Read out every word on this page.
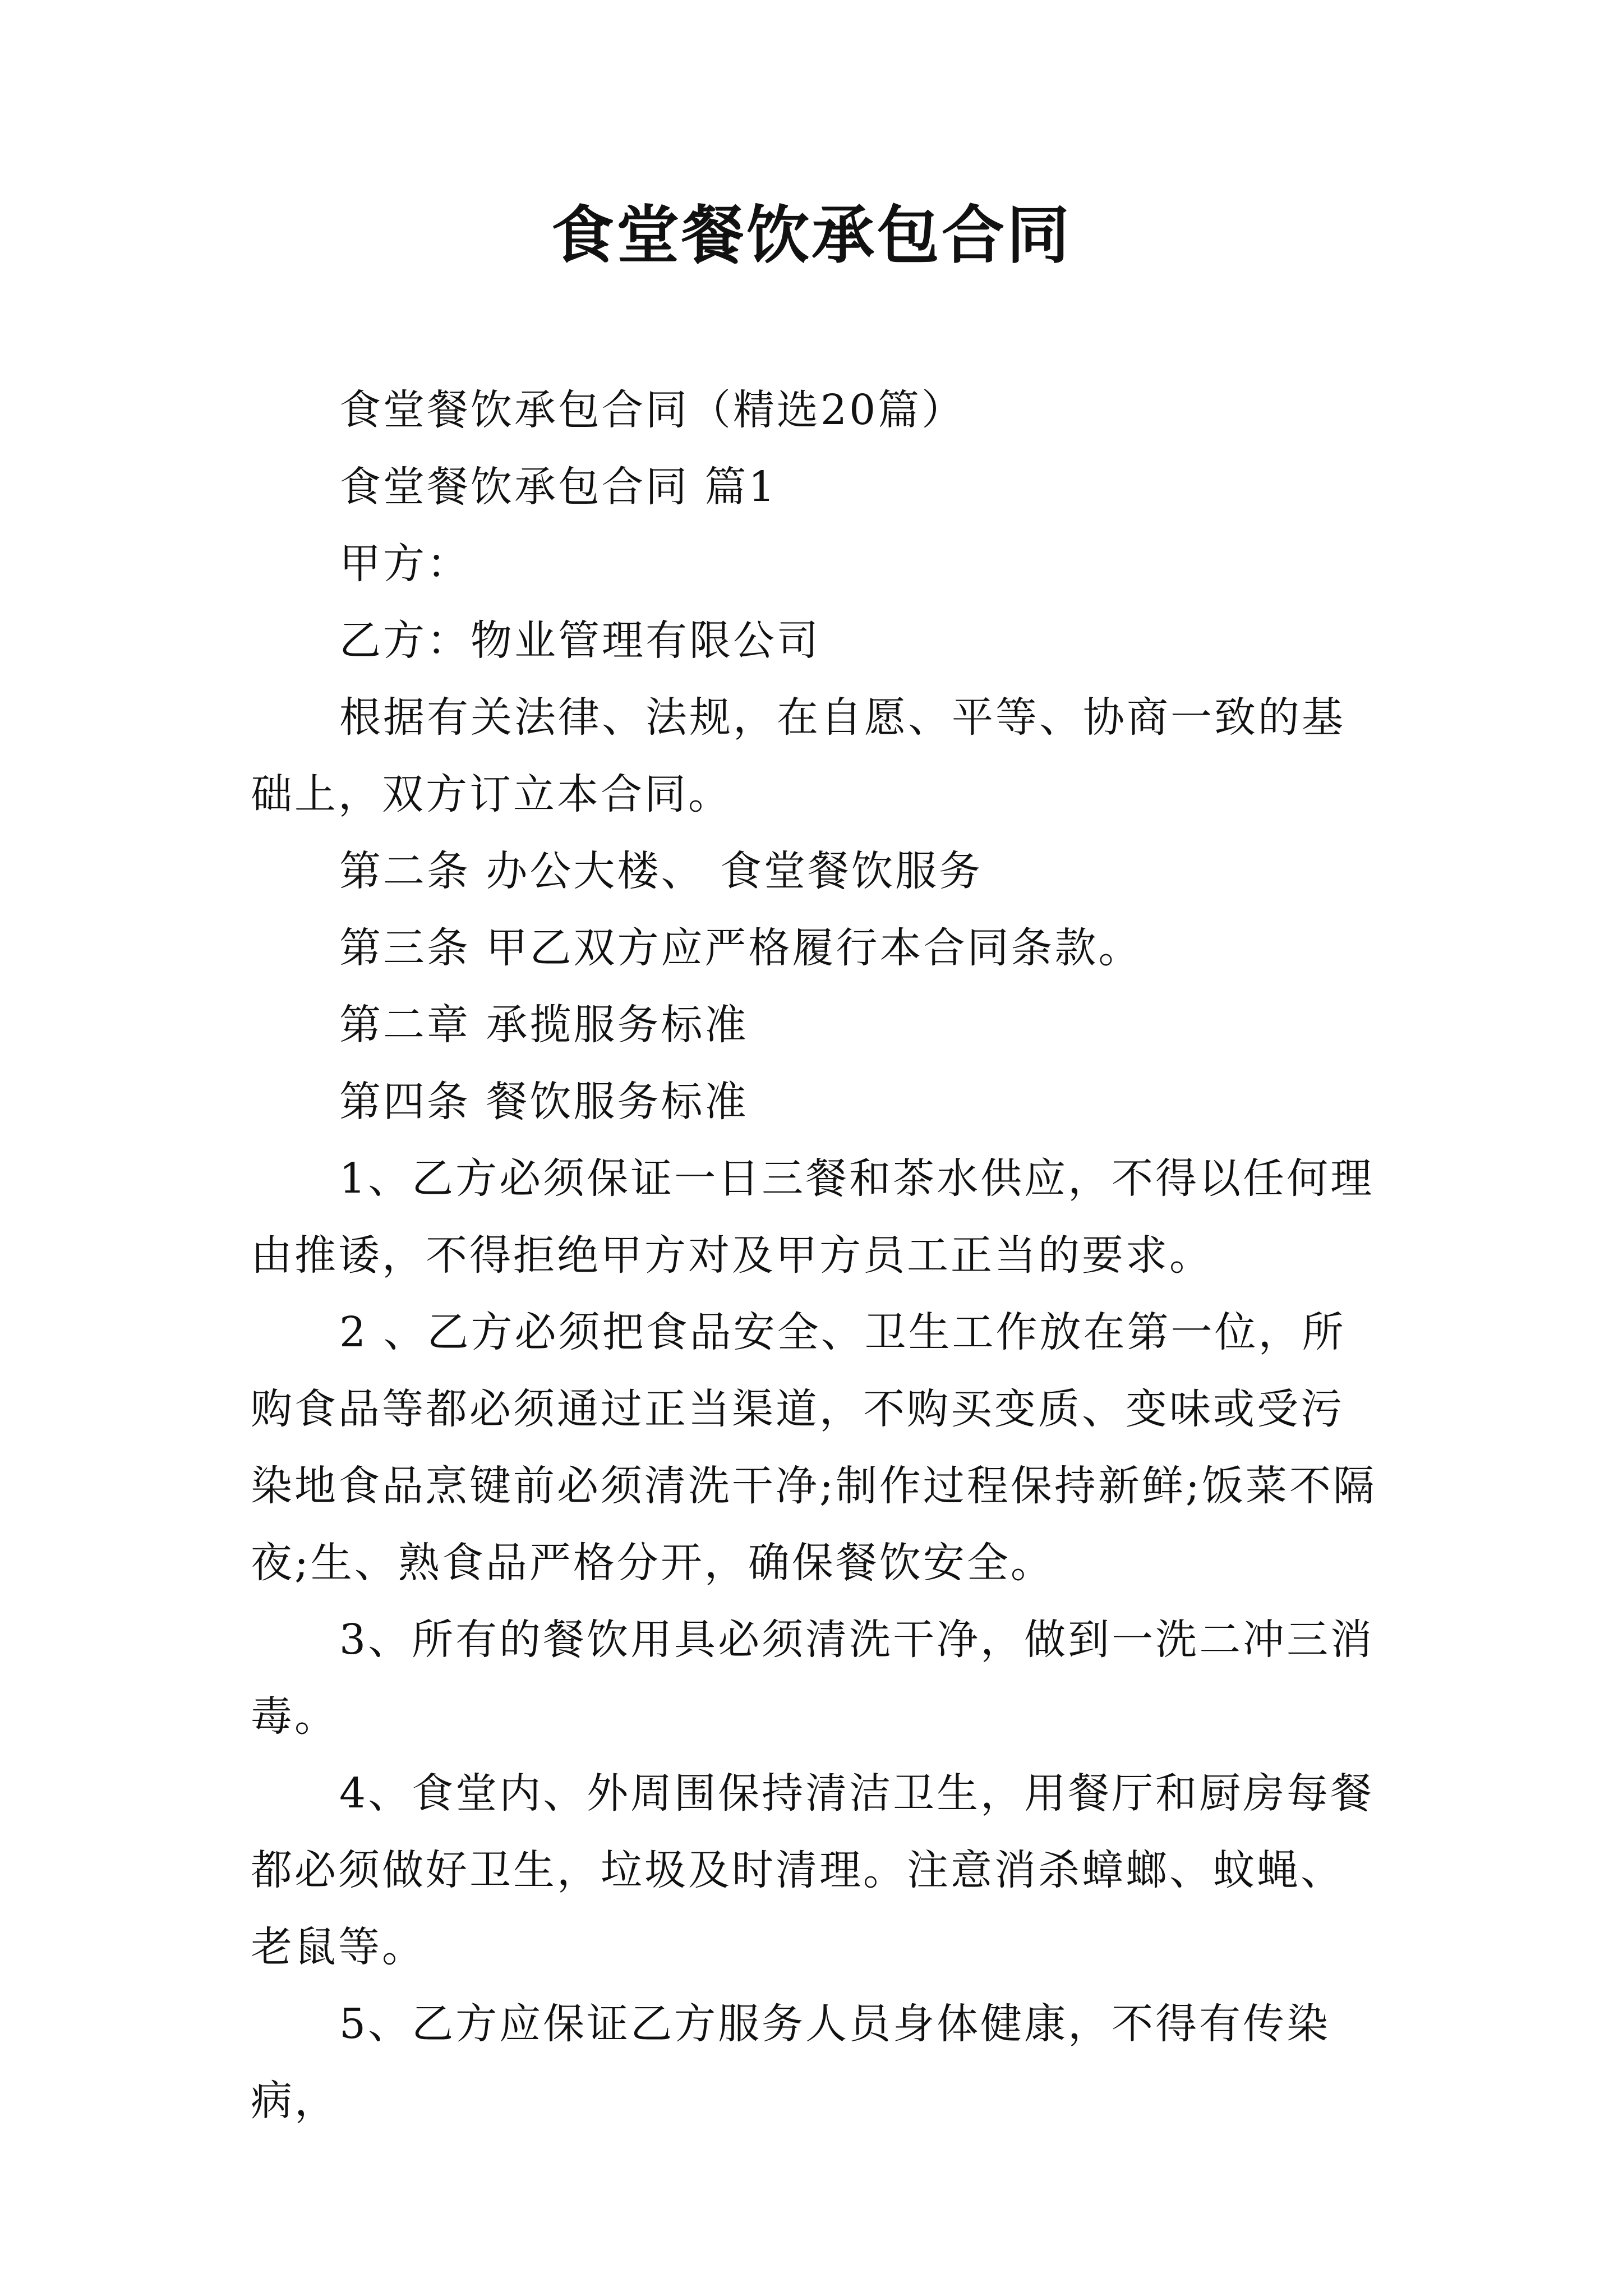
食堂餐饮承包合同

食堂餐饮承包合同（精选20篇）

食堂餐饮承包合同 篇1

甲方：

乙方：物业管理有限公司

根据有关法律、法规，在自愿、平等、协商一致的基础上，双方订立本合同。

第二条 办公大楼、 食堂餐饮服务

第三条 甲乙双方应严格履行本合同条款。

第二章 承揽服务标准

第四条 餐饮服务标准

1、乙方必须保证一日三餐和茶水供应，不得以任何理由推诿，不得拒绝甲方对及甲方员工正当的要求。

2 、乙方必须把食品安全、卫生工作放在第一位，所购食品等都必须通过正当渠道，不购买变质、变味或受污染地食品烹键前必须清洗干净;制作过程保持新鲜;饭菜不隔夜;生、熟食品严格分开，确保餐饮安全。

3、所有的餐饮用具必须清洗干净，做到一洗二冲三消毒。

4、食堂内、外周围保持清洁卫生，用餐厅和厨房每餐都必须做好卫生，垃圾及时清理。注意消杀蟑螂、蚊蝇、老鼠等。

5、乙方应保证乙方服务人员身体健康，不得有传染病，
